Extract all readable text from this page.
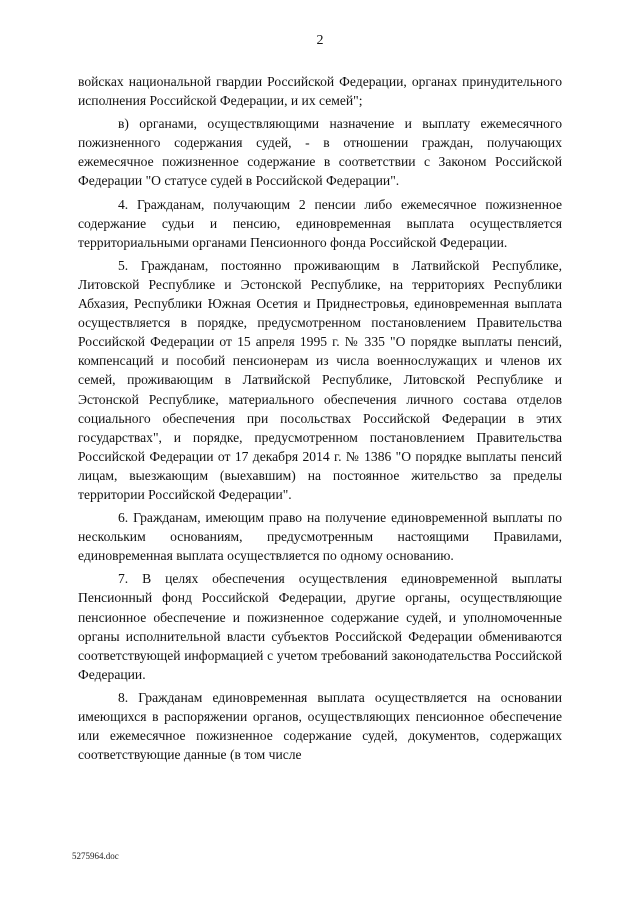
2

войсках национальной гвардии Российской Федерации, органах принудительного исполнения Российской Федерации, и их семей";

в) органами, осуществляющими назначение и выплату ежемесячного пожизненного содержания судей, - в отношении граждан, получающих ежемесячное пожизненное содержание в соответствии с Законом Российской Федерации "О статусе судей в Российской Федерации".

4. Гражданам, получающим 2 пенсии либо ежемесячное пожизненное содержание судьи и пенсию, единовременная выплата осуществляется территориальными органами Пенсионного фонда Российской Федерации.

5. Гражданам, постоянно проживающим в Латвийской Республике, Литовской Республике и Эстонской Республике, на территориях Республики Абхазия, Республики Южная Осетия и Приднестровья, единовременная выплата осуществляется в порядке, предусмотренном постановлением Правительства Российской Федерации от 15 апреля 1995 г. № 335 "О порядке выплаты пенсий, компенсаций и пособий пенсионерам из числа военнослужащих и членов их семей, проживающим в Латвийской Республике, Литовской Республике и Эстонской Республике, материального обеспечения личного состава отделов социального обеспечения при посольствах Российской Федерации в этих государствах", и порядке, предусмотренном постановлением Правительства Российской Федерации от 17 декабря 2014 г. № 1386 "О порядке выплаты пенсий лицам, выезжающим (выехавшим) на постоянное жительство за пределы территории Российской Федерации".

6. Гражданам, имеющим право на получение единовременной выплаты по нескольким основаниям, предусмотренным настоящими Правилами, единовременная выплата осуществляется по одному основанию.

7. В целях обеспечения осуществления единовременной выплаты Пенсионный фонд Российской Федерации, другие органы, осуществляющие пенсионное обеспечение и пожизненное содержание судей, и уполномоченные органы исполнительной власти субъектов Российской Федерации обмениваются соответствующей информацией с учетом требований законодательства Российской Федерации.

8. Гражданам единовременная выплата осуществляется на основании имеющихся в распоряжении органов, осуществляющих пенсионное обеспечение или ежемесячное пожизненное содержание судей, документов, содержащих соответствующие данные (в том числе

5275964.doc
